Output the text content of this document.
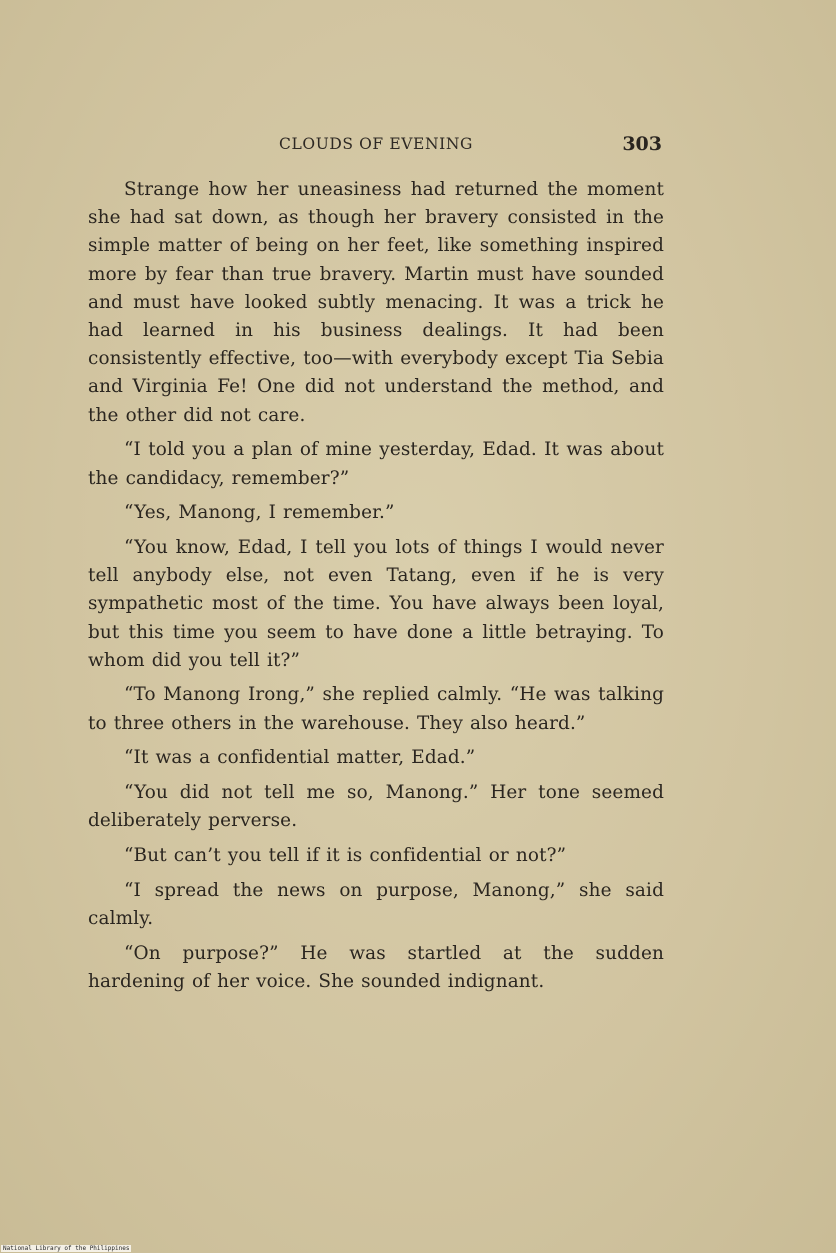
CLOUDS OF EVENING	303

Strange how her uneasiness had returned the moment she had sat down, as though her bravery consisted in the simple matter of being on her feet, like something inspired more by fear than true bravery. Martin must have sounded and must have looked subtly menacing. It was a trick he had learned in his business dealings. It had been consistently effective, too—with everybody except Tia Sebia and Virginia Fe! One did not understand the method, and the other did not care.

“I told you a plan of mine yesterday, Edad. It was about the candidacy, remember?”

“Yes, Manong, I remember.”

“You know, Edad, I tell you lots of things I would never tell anybody else, not even Tatang, even if he is very sympathetic most of the time. You have always been loyal, but this time you seem to have done a little betraying. To whom did you tell it?”

“To Manong Irong,” she replied calmly. “He was talking to three others in the warehouse. They also heard.”

“It was a confidential matter, Edad.”

“You did not tell me so, Manong.” Her tone seemed deliberately perverse.

“But can’t you tell if it is confidential or not?”

“I spread the news on purpose, Manong,” she said calmly.

“On purpose?” He was startled at the sudden hardening of her voice. She sounded indignant.

National Library of the Philippines
